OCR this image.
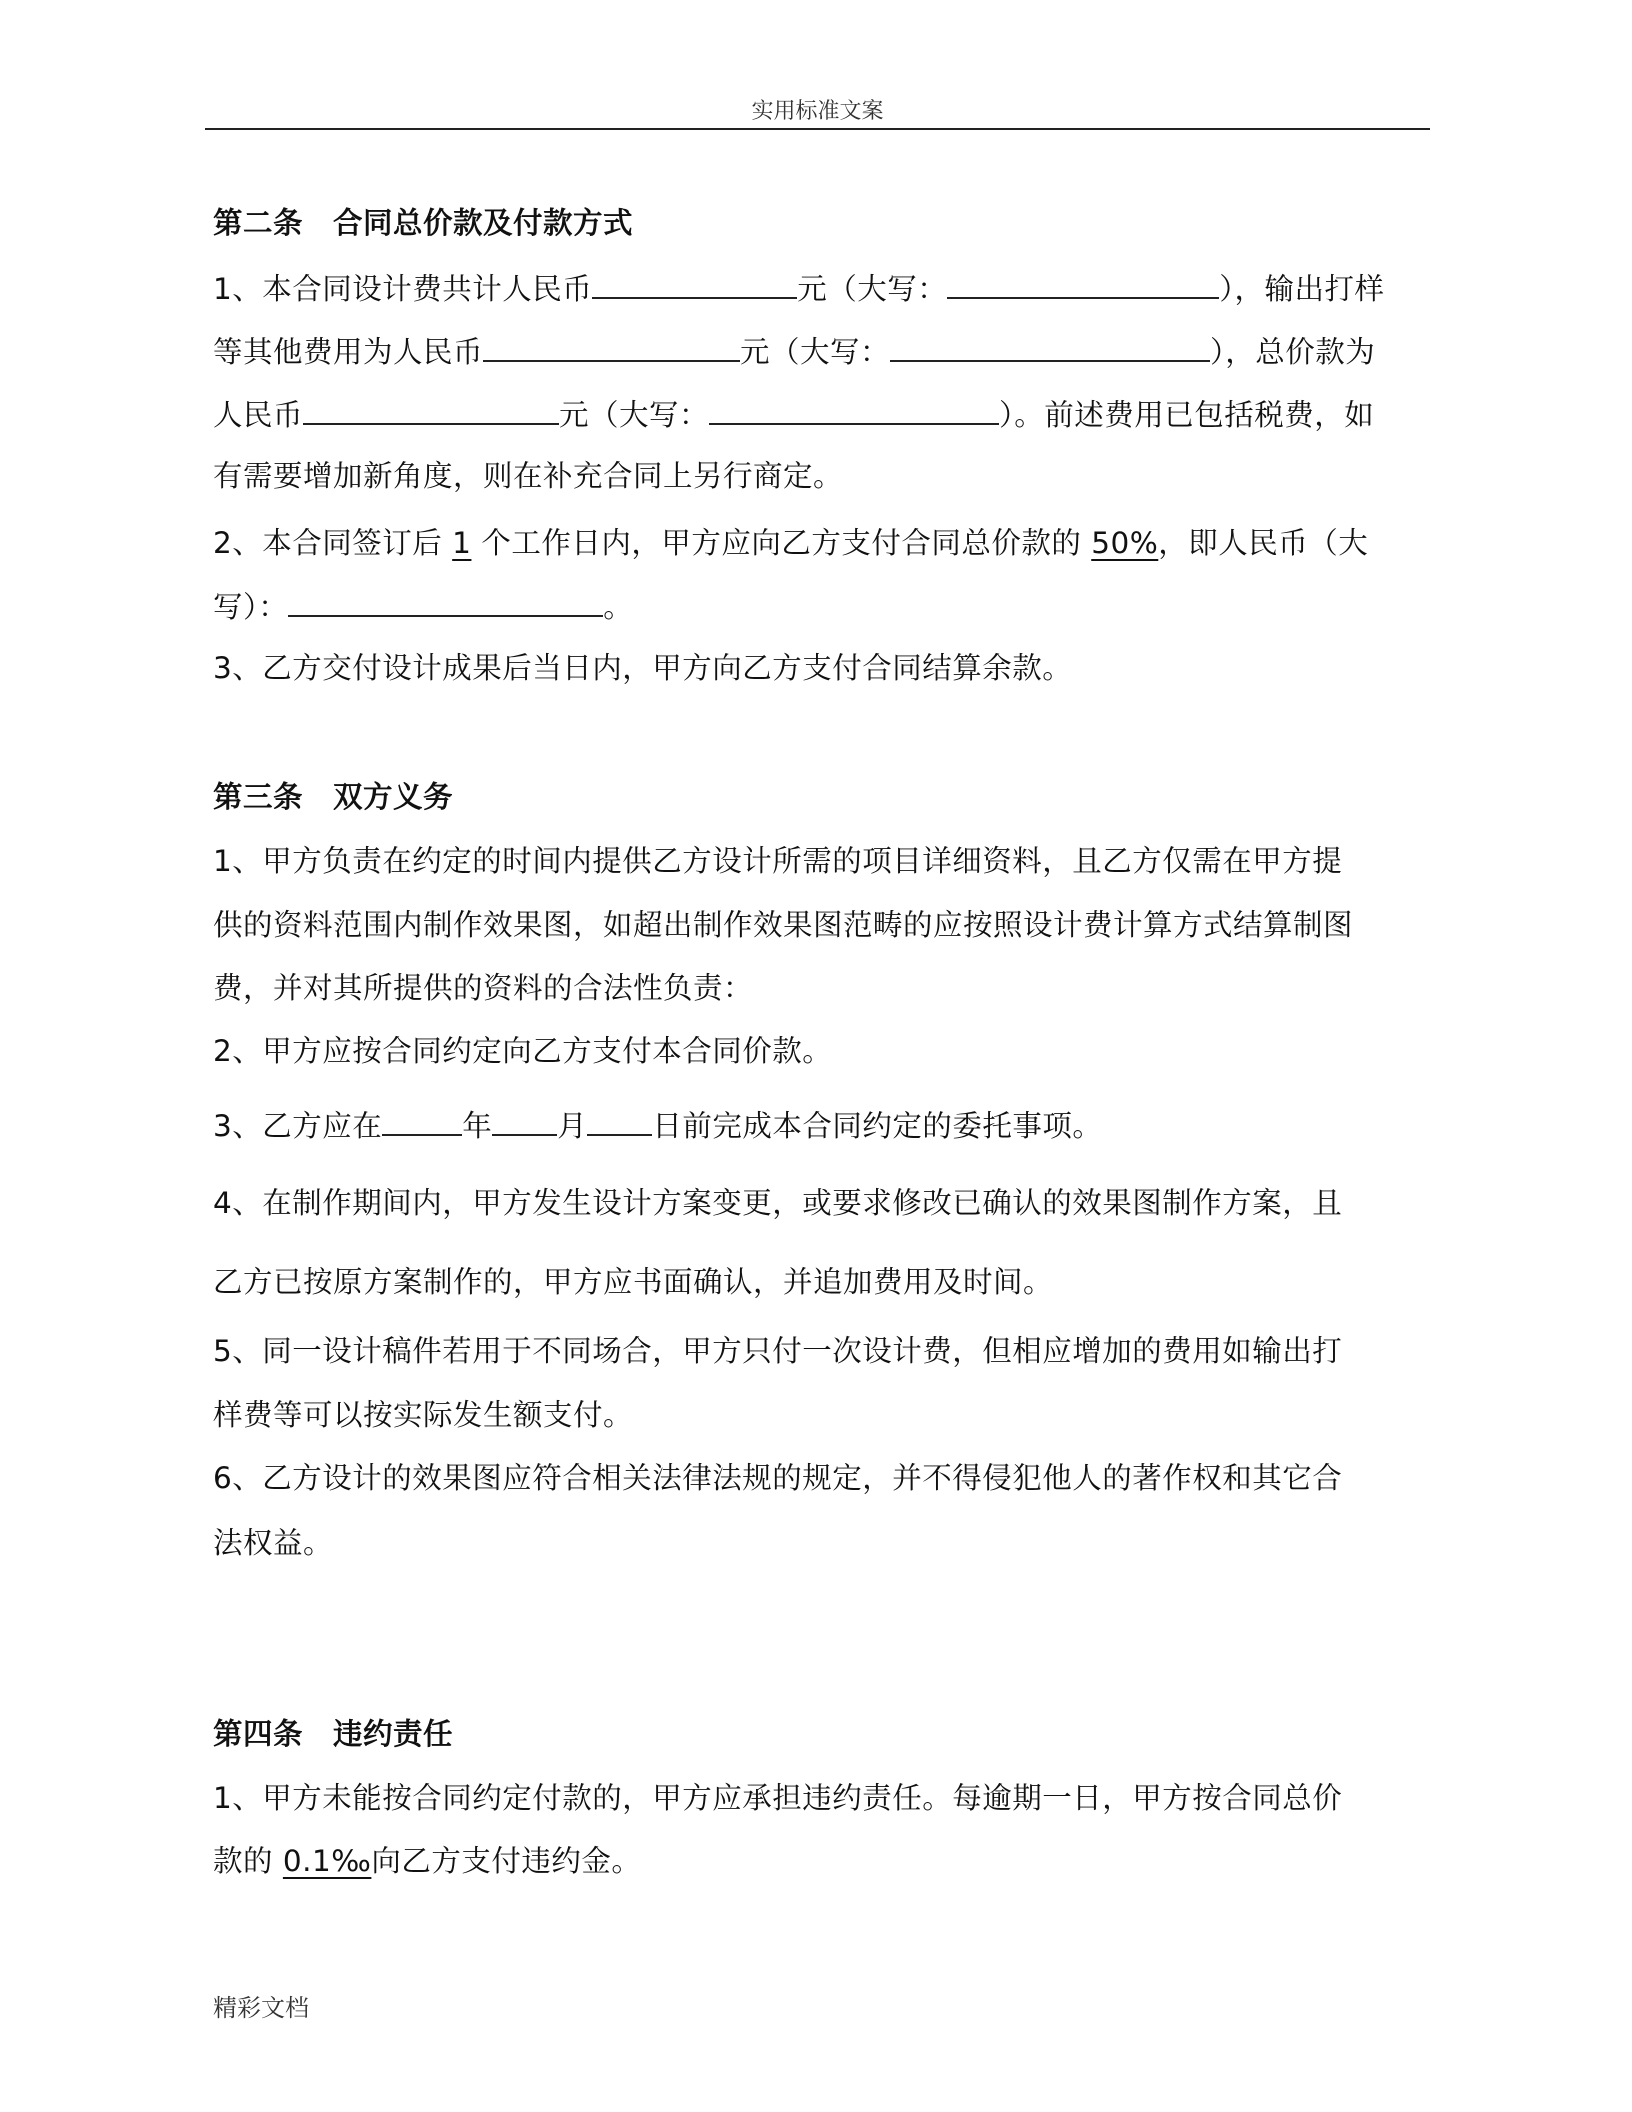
实用标准文案
第二条　合同总价款及付款方式
1、本合同设计费共计人民币	元（大写：	），输出打样
等其他费用为人民币	元（大写：	），总价款为
人民币	元（大写：	）。前述费用已包括税费，如
有需要增加新角度，则在补充合同上另行商定。
2、本合同签订后 1 个工作日内，甲方应向乙方支付合同总价款的 50%，即人民币（大
写）：	。
3、乙方交付设计成果后当日内，甲方向乙方支付合同结算余款。
第三条　双方义务
1、甲方负责在约定的时间内提供乙方设计所需的项目详细资料，且乙方仅需在甲方提
供的资料范围内制作效果图，如超出制作效果图范畴的应按照设计费计算方式结算制图
费，并对其所提供的资料的合法性负责：
2、甲方应按合同约定向乙方支付本合同价款。
3、乙方应在	年 月 日前完成本合同约定的委托事项。
4、在制作期间内，甲方发生设计方案变更，或要求修改已确认的效果图制作方案，且
乙方已按原方案制作的，甲方应书面确认，并追加费用及时间。
5、同一设计稿件若用于不同场合，甲方只付一次设计费，但相应增加的费用如输出打
样费等可以按实际发生额支付。
6、乙方设计的效果图应符合相关法律法规的规定，并不得侵犯他人的著作权和其它合
法权益。
第四条　违约责任
1、甲方未能按合同约定付款的，甲方应承担违约责任。每逾期一日，甲方按合同总价
款的 0.1‰向乙方支付违约金。
精彩文档
